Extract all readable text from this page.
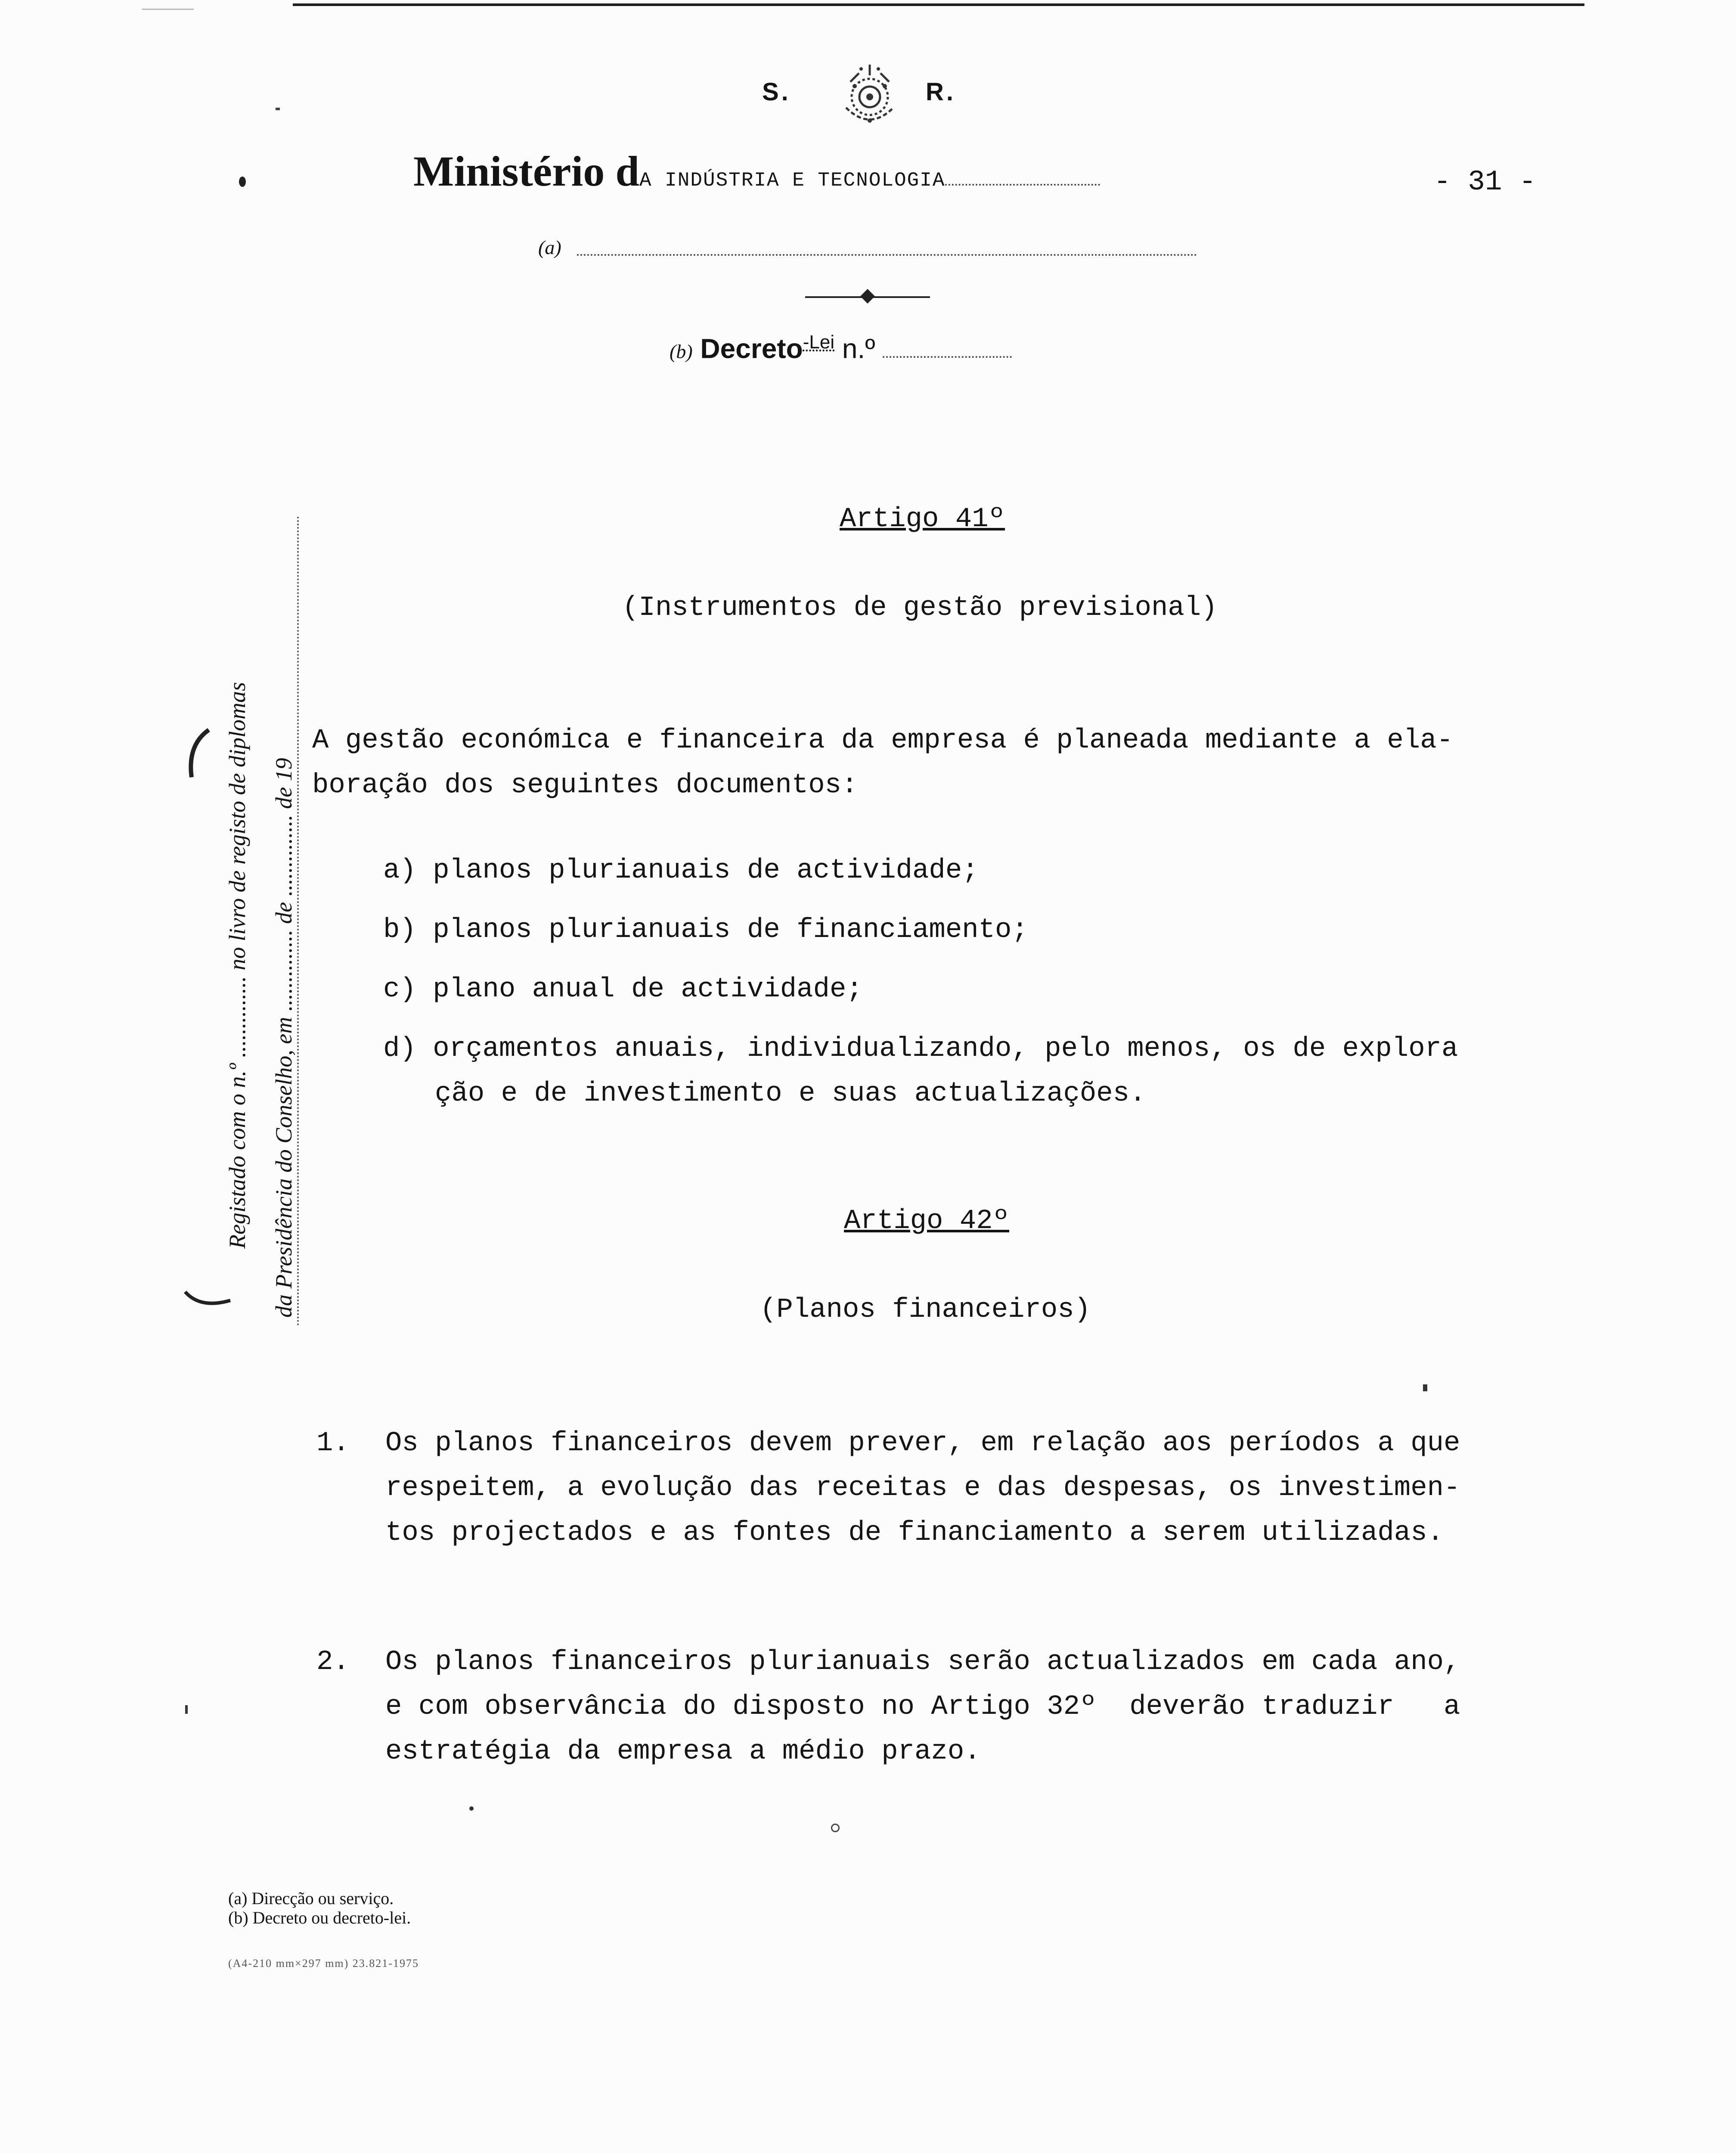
S.	R.
Ministério dA INDÚSTRIA E TECNOLOGIA	- 31 -
(a)
(b) Decreto$^{-Lei}$ n.º
Registado com o n.º .............. no livro de registo de diplomas da Presidência do Conselho, em .............. de .............. de 19
Artigo 41º
(Instrumentos de gestão previsional)
A gestão económica e financeira da empresa é planeada mediante a ela-
boração dos seguintes documentos:
a) planos plurianuais de actividade;
b) planos plurianuais de financiamento;
c) plano anual de actividade;
d) orçamentos anuais, individualizando, pelo menos, os de explora
ção e de investimento e suas actualizações.
Artigo 42º
(Planos financeiros)
1. Os planos financeiros devem prever, em relação aos períodos a que
respeitem, a evolução das receitas e das despesas, os investimen-
tos projectados e as fontes de financiamento a serem utilizadas.
2. Os planos financeiros plurianuais serão actualizados em cada ano,
e com observância do disposto no Artigo 32º  deverão traduzir   a
estratégia da empresa a médio prazo.
(a) Direcção ou serviço.
(b) Decreto ou decreto-lei.
(A4-210 mm×297 mm) 23.821-1975
